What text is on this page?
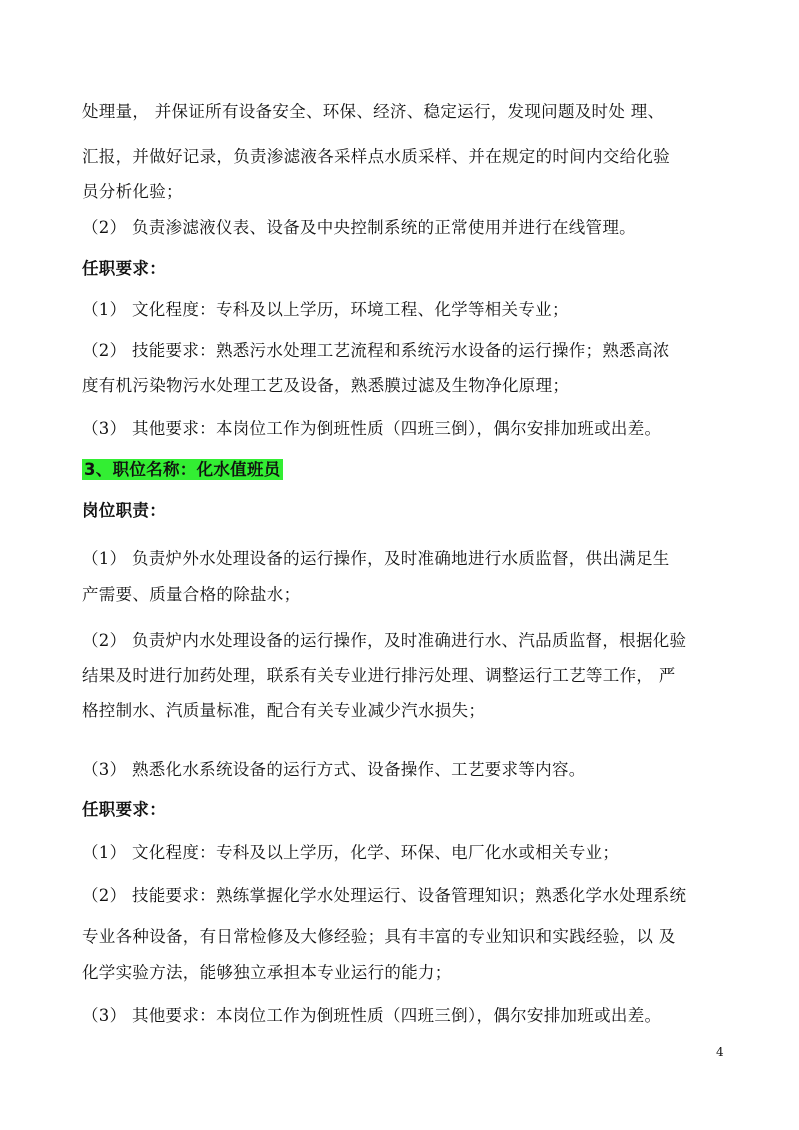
处理量， 并保证所有设备安全、环保、经济、稳定运行，发现问题及时处 理、
汇报，并做好记录，负责渗滤液各采样点水质采样、并在规定的时间内交给化验
员分析化验；
（2） 负责渗滤液仪表、设备及中央控制系统的正常使用并进行在线管理。
任职要求：
（1） 文化程度：专科及以上学历，环境工程、化学等相关专业；
（2） 技能要求：熟悉污水处理工艺流程和系统污水设备的运行操作；熟悉高浓
度有机污染物污水处理工艺及设备，熟悉膜过滤及生物净化原理；
（3） 其他要求：本岗位工作为倒班性质（四班三倒），偶尔安排加班或出差。
3、职位名称：化水值班员
岗位职责：
（1） 负责炉外水处理设备的运行操作，及时准确地进行水质监督，供出满足生
产需要、质量合格的除盐水；
（2） 负责炉内水处理设备的运行操作，及时准确进行水、汽品质监督，根据化验
结果及时进行加药处理，联系有关专业进行排污处理、调整运行工艺等工作， 严
格控制水、汽质量标准，配合有关专业减少汽水损失；
（3） 熟悉化水系统设备的运行方式、设备操作、工艺要求等内容。
任职要求：
（1） 文化程度：专科及以上学历，化学、环保、电厂化水或相关专业；
（2） 技能要求：熟练掌握化学水处理运行、设备管理知识；熟悉化学水处理系统
专业各种设备，有日常检修及大修经验；具有丰富的专业知识和实践经验，以 及
化学实验方法，能够独立承担本专业运行的能力；
（3） 其他要求：本岗位工作为倒班性质（四班三倒），偶尔安排加班或出差。
4
